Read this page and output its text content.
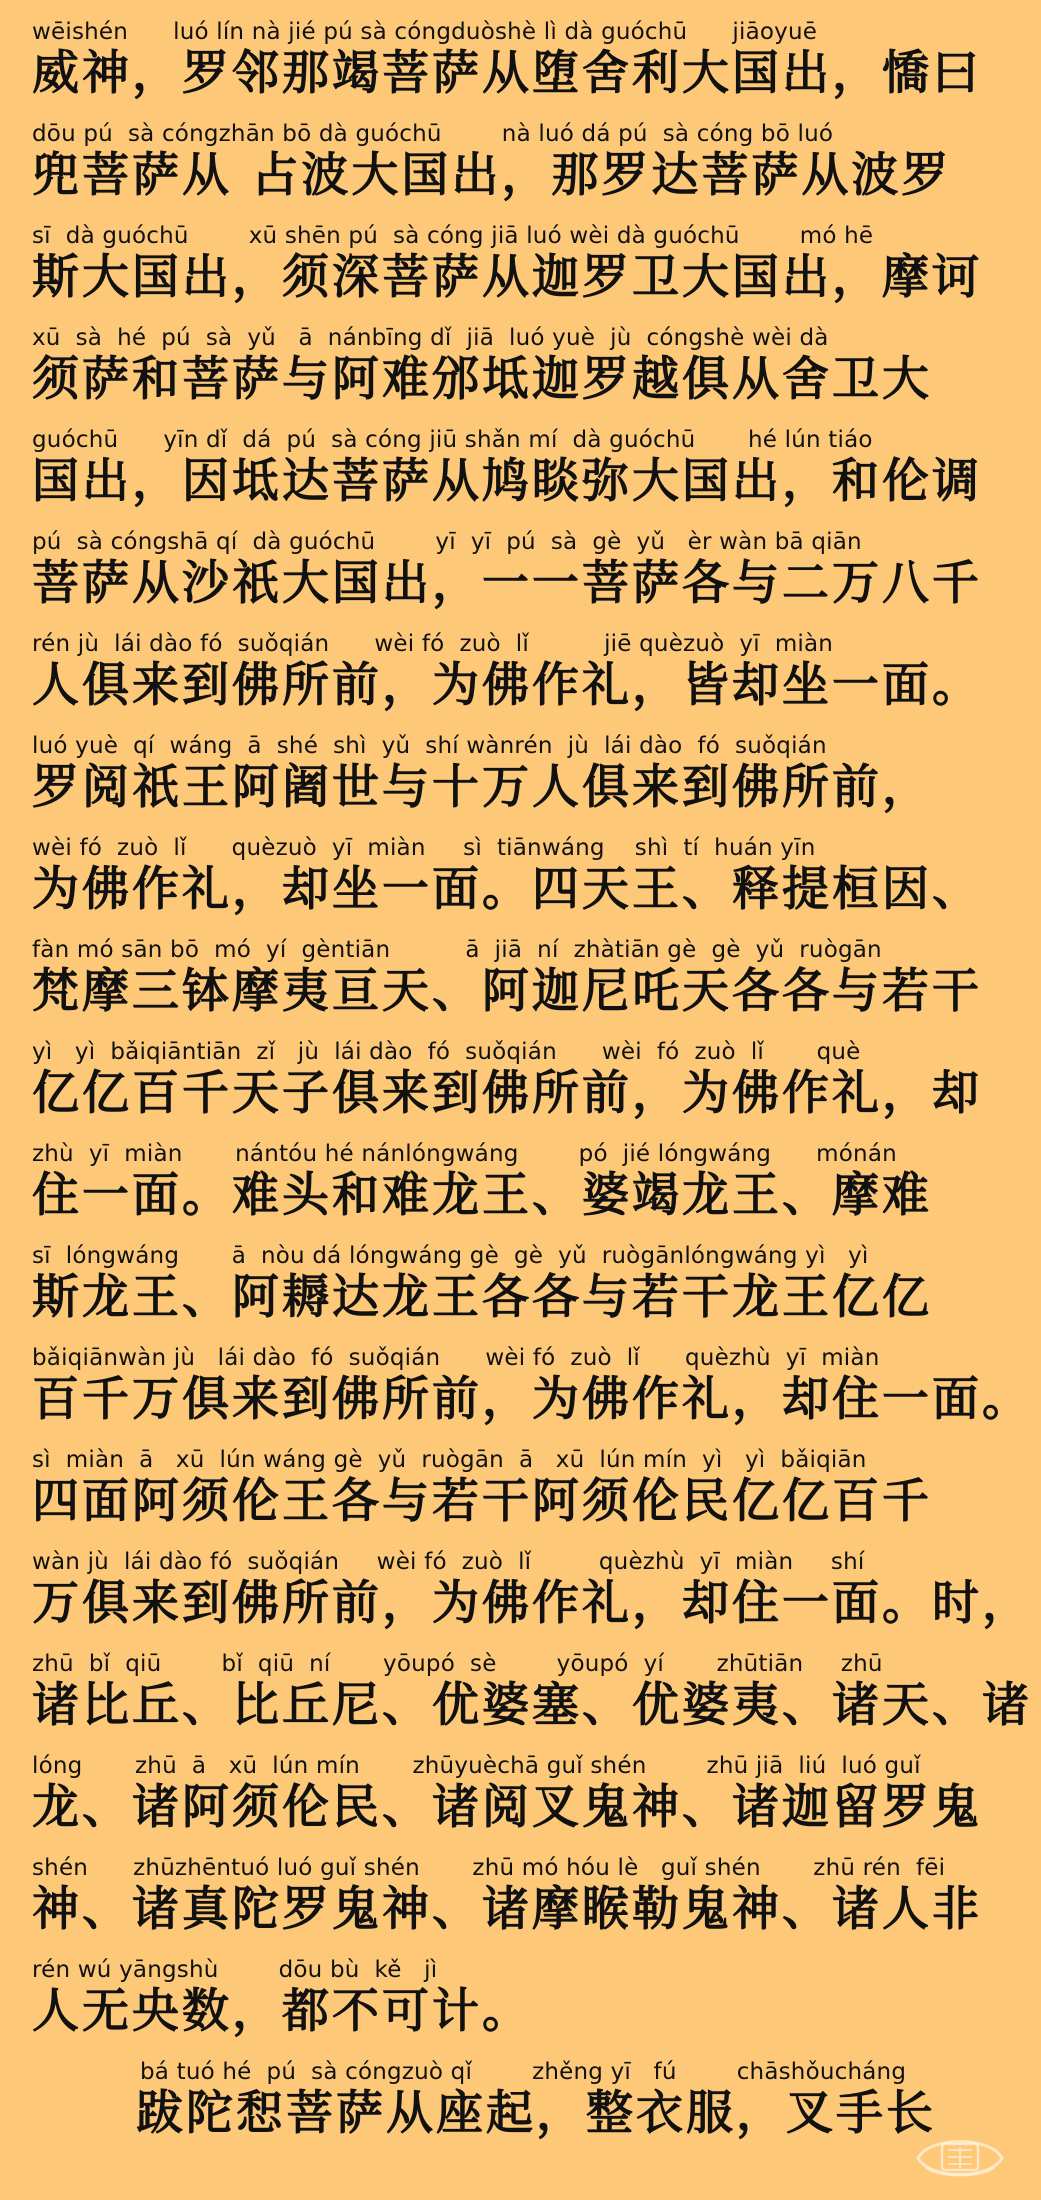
wēishén      luó lín nà jié pú sà cóngduòshè lì dà guóchū      jiāoyuē
威神，罗邻那竭菩萨从堕舍利大国出，憍曰
dōu pú  sà cóngzhān bō dà guóchū        nà luó dá pú  sà cóng bō luó
兜菩萨从 占波大国出，那罗达菩萨从波罗
sī  dà guóchū        xū shēn pú  sà cóng jiā luó wèi dà guóchū        mó hē
斯大国出，须深菩萨从迦罗卫大国出，摩诃
xū  sà  hé  pú  sà  yǔ   ā  nánbīng dǐ  jiā  luó yuè  jù  cóngshè wèi dà
须萨和菩萨与阿难邠坻迦罗越俱从舍卫大
guóchū      yīn dǐ  dá  pú  sà cóng jiū shǎn mí  dà guóchū       hé lún tiáo
国出，因坻达菩萨从鸠睒弥大国出，和伦调
pú  sà cóngshā qí  dà guóchū        yī  yī  pú  sà  gè  yǔ   èr wàn bā qiān
菩萨从沙祇大国出，一一菩萨各与二万八千
rén jù  lái dào fó  suǒqián      wèi fó  zuò  lǐ          jiē quèzuò  yī  miàn
人俱来到佛所前，为佛作礼，皆却坐一面。
luó yuè  qí  wáng  ā  shé  shì  yǔ  shí wànrén  jù  lái dào  fó  suǒqián
罗阅祇王阿阇世与十万人俱来到佛所前，
wèi fó  zuò  lǐ      quèzuò  yī  miàn     sì  tiānwáng    shì  tí  huán yīn
为佛作礼，却坐一面。四天王、释提桓因、
fàn mó sān bō  mó  yí  gèntiān          ā  jiā  ní  zhàtiān gè  gè  yǔ  ruògān
梵摩三钵摩夷亘天、阿迦尼吒天各各与若干
yì   yì  bǎiqiāntiān  zǐ   jù  lái dào  fó  suǒqián      wèi  fó  zuò  lǐ       què
亿亿百千天子俱来到佛所前，为佛作礼，却
zhù  yī  miàn       nántóu hé nánlóngwáng        pó  jié lóngwáng      mónán
住一面。难头和难龙王、婆竭龙王、摩难
sī  lóngwáng       ā  nòu dá lóngwáng gè  gè  yǔ  ruògānlóngwáng yì   yì
斯龙王、阿耨达龙王各各与若干龙王亿亿
bǎiqiānwàn jù   lái dào  fó  suǒqián      wèi fó  zuò  lǐ      quèzhù  yī  miàn
百千万俱来到佛所前，为佛作礼，却住一面。
sì  miàn  ā   xū  lún wáng gè  yǔ  ruògān  ā   xū  lún mín  yì   yì  bǎiqiān
四面阿须伦王各与若干阿须伦民亿亿百千
wàn jù  lái dào fó  suǒqián     wèi fó  zuò  lǐ         quèzhù  yī  miàn     shí
万俱来到佛所前，为佛作礼，却住一面。时，
zhū  bǐ  qiū        bǐ  qiū  ní       yōupó  sè        yōupó  yí       zhūtiān     zhū
诸比丘、比丘尼、优婆塞、优婆夷、诸天、诸
lóng       zhū  ā   xū  lún mín       zhūyuèchā guǐ shén        zhū jiā  liú  luó guǐ
龙、诸阿须伦民、诸阅叉鬼神、诸迦留罗鬼
shén      zhūzhēntuó luó guǐ shén       zhū mó hóu lè   guǐ shén       zhū rén  fēi
神、诸真陀罗鬼神、诸摩睺勒鬼神、诸人非
rén wú yāngshù        dōu bù  kě   jì
人无央数，都不可计。
bá tuó hé  pú  sà cóngzuò qǐ        zhěng yī   fú        chāshǒucháng
跋陀惒菩萨从座起，整衣服，叉手长
